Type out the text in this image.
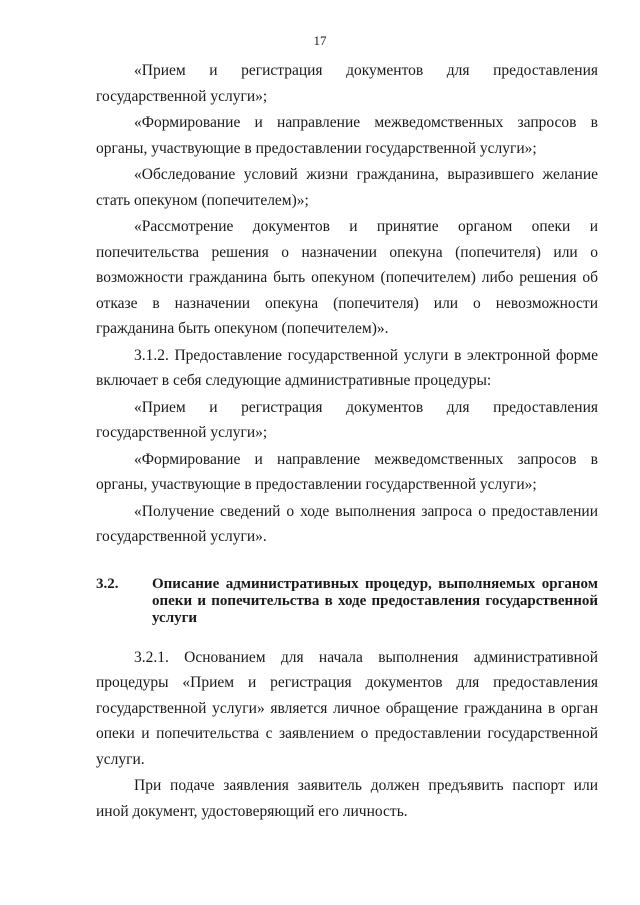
17

«Прием и регистрация документов для предоставления государственной услуги»;

«Формирование и направление межведомственных запросов в органы, участвующие в предоставлении государственной услуги»;

«Обследование условий жизни гражданина, выразившего желание стать опекуном (попечителем)»;

«Рассмотрение документов и принятие органом опеки и попечительства решения о назначении опекуна (попечителя) или о возможности гражданина быть опекуном (попечителем) либо решения об отказе в назначении опекуна (попечителя) или о невозможности гражданина быть опекуном (попечителем)».

3.1.2. Предоставление государственной услуги в электронной форме включает в себя следующие административные процедуры:

«Прием и регистрация документов для предоставления государственной услуги»;

«Формирование и направление межведомственных запросов в органы, участвующие в предоставлении государственной услуги»;

«Получение сведений о ходе выполнения запроса о предоставлении государственной услуги».

3.2.	Описание административных процедур, выполняемых органом опеки и попечительства в ходе предоставления государственной услуги

3.2.1. Основанием для начала выполнения административной процедуры «Прием и регистрация документов для предоставления государственной услуги» является личное обращение гражданина в орган опеки и попечительства с заявлением о предоставлении государственной услуги.

При подаче заявления заявитель должен предъявить паспорт или иной документ, удостоверяющий его личность.
